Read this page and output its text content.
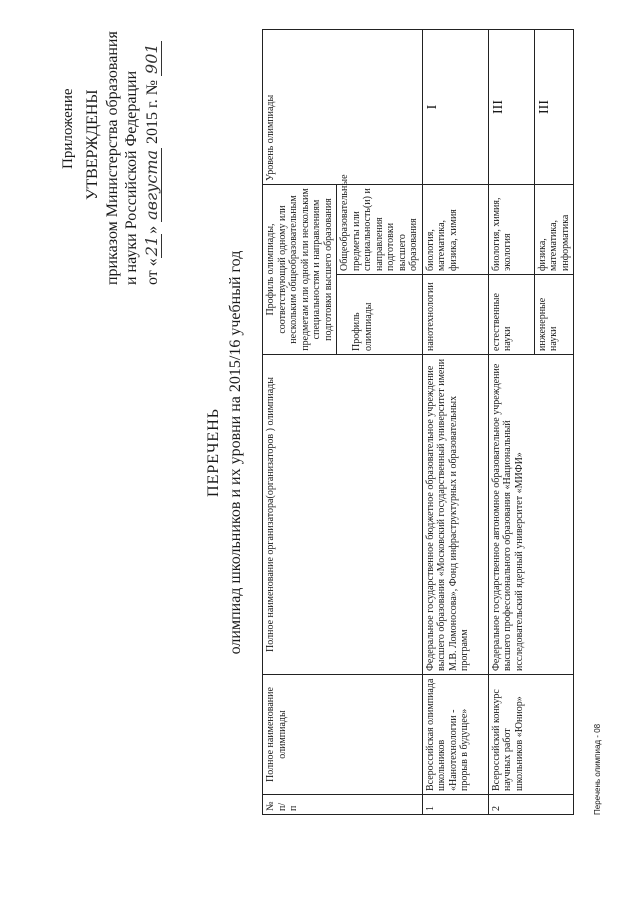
Приложение УТВЕРЖДЕНЫ приказом Министерства образования и науки Российской Федерации от «21» августа 2015 г. № 901
ПЕРЕЧЕНЬ олимпиад школьников и их уровни на 2015/16 учебный год
№ п/п	Полное наименование олимпиады	Полное наименование организатора(организаторов ) олимпиады	Профиль олимпиады, соответствующий одному или нескольким общеобразовательным предметам или одной или нескольким специальностям и направлениям подготовки высшего образования		Уровень олимпиады
			Профиль олимпиады	Общеобразовательные предметы или специальность(и) и направления подготовки высшего образования	
1	Всероссийская олимпиада школьников «Нанотехнологии - прорыв в будущее»	Федеральное государственное бюджетное образовательное учреждение высшего образования «Московский государственный университет имени М.В. Ломоносова», Фонд инфраструктурных и образовательных программ	нанотехнологии	биология, математика, физика, химия	I
2	Всероссийский конкурс научных работ школьников «Юниор»	Федеральное государственное автономное образовательное учреждение высшего профессионального образования «Национальный исследовательский ядерный университет «МИФИ»	естественные науки	биология, химия, экология	III
			инженерные науки	физика, математика, информатика	III
Перечень олимпиад - 08
